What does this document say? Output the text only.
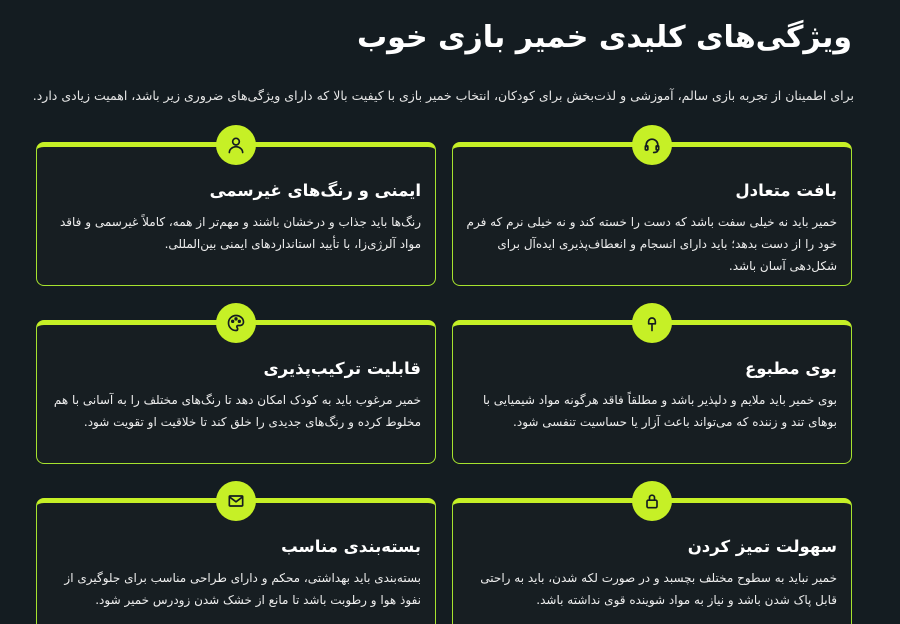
ویژگی‌های کلیدی خمیر بازی خوب

برای اطمینان از تجربه بازی سالم، آموزشی و لذت‌بخش برای کودکان، انتخاب خمیر بازی با کیفیت بالا که دارای ویژگی‌های ضروری زیر باشد، اهمیت زیادی دارد.

بافت متعادل
خمیر باید نه خیلی سفت باشد که دست را خسته کند و نه خیلی نرم که فرم خود را از دست بدهد؛ باید دارای انسجام و انعطاف‌پذیری ایده‌آل برای شکل‌دهی آسان باشد.
ایمنی و رنگ‌های غیرسمی
رنگ‌ها باید جذاب و درخشان باشند و مهم‌تر از همه، کاملاً غیرسمی و فاقد مواد آلرژی‌زا، با تأیید استانداردهای ایمنی بین‌المللی.
بوی مطبوع
بوی خمیر باید ملایم و دلپذیر باشد و مطلقاً فاقد هرگونه مواد شیمیایی با بوهای تند و زننده که می‌تواند باعث آزار یا حساسیت تنفسی شود.
قابلیت ترکیب‌پذیری
خمیر مرغوب باید به کودک امکان دهد تا رنگ‌های مختلف را به آسانی با هم مخلوط کرده و رنگ‌های جدیدی را خلق کند تا خلاقیت او تقویت شود.
سهولت تمیز کردن
خمیر نباید به سطوح مختلف بچسبد و در صورت لکه شدن، باید به راحتی قابل پاک شدن باشد و نیاز به مواد شوینده قوی نداشته باشد.
بسته‌بندی مناسب
بسته‌بندی باید بهداشتی، محکم و دارای طراحی مناسب برای جلوگیری از نفوذ هوا و رطوبت باشد تا مانع از خشک شدن زودرس خمیر شود.
